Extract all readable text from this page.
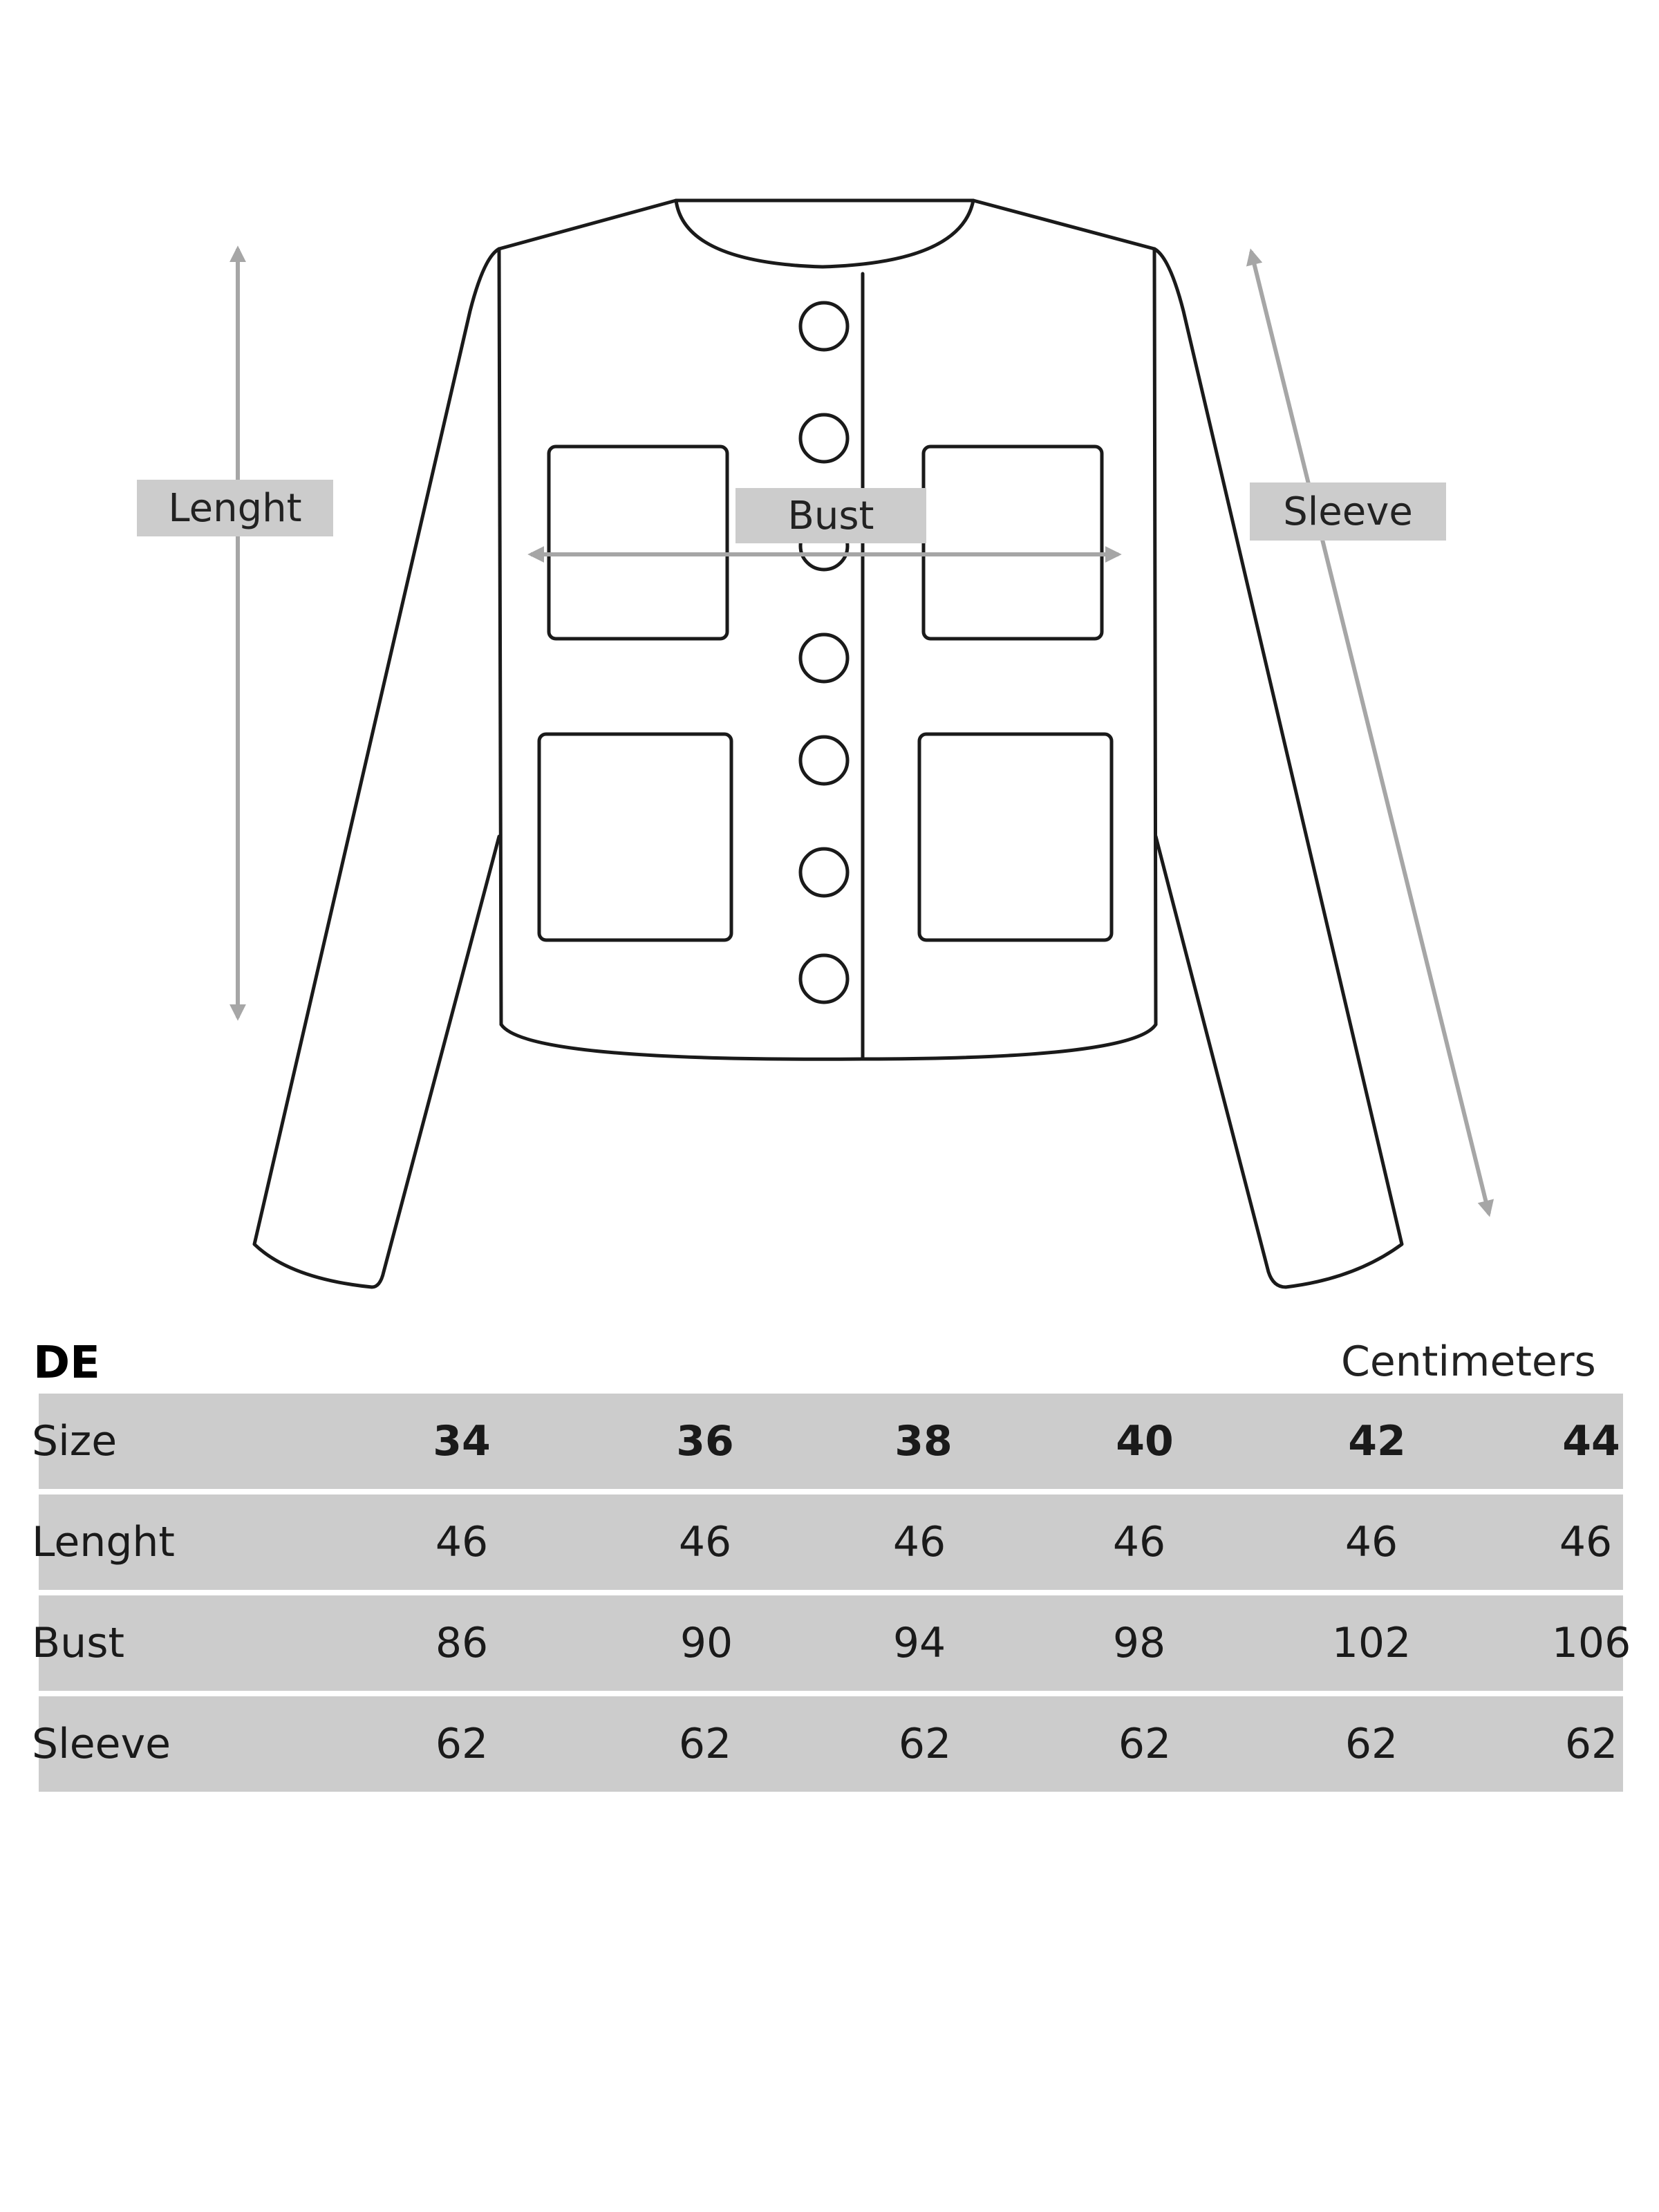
Lenght	Bust	Sleeve
DE	Centimeters
Size	34	36	38	40	42	44
Lenght	46	46	46	46	46	46
Bust	86	90	94	98	102	106
Sleeve	62	62	62	62	62	62
